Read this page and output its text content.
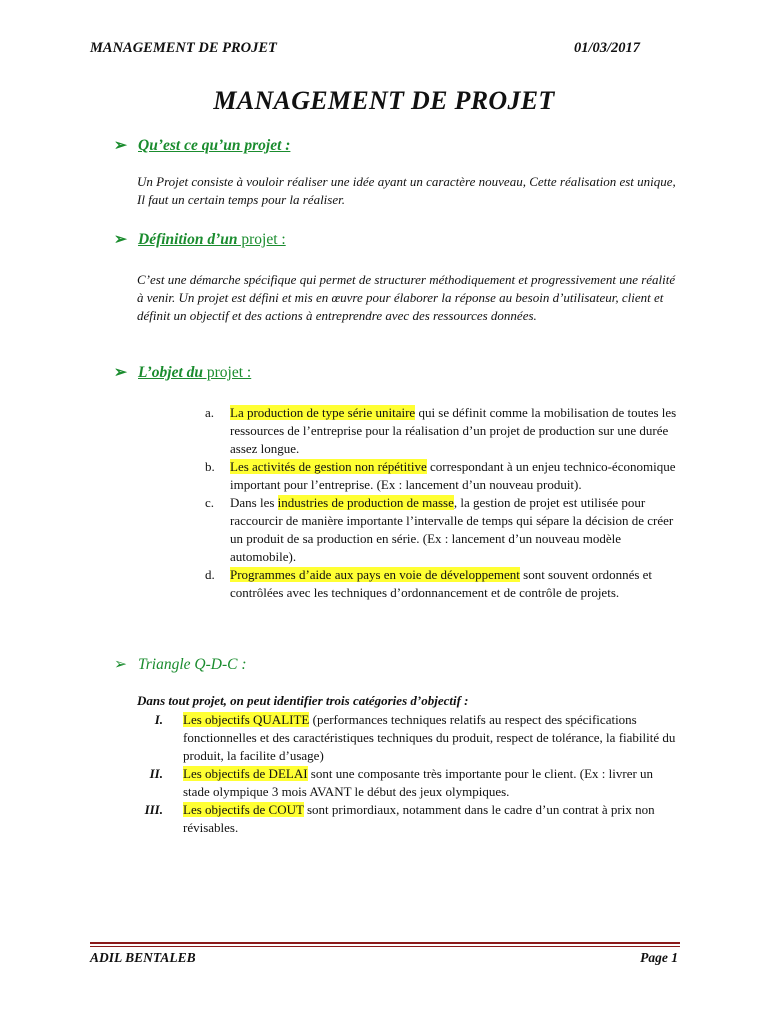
MANAGEMENT DE PROJET	01/03/2017
MANAGEMENT DE PROJET
➢ Qu’est ce qu’un projet :
Un Projet consiste à vouloir réaliser une idée ayant un caractère nouveau, Cette réalisation est unique, Il faut un certain temps pour la réaliser.
➢ Définition d’un projet :
C’est une démarche spécifique qui permet de structurer méthodiquement et progressivement une réalité à venir. Un projet est défini et mis en œuvre pour élaborer la réponse au besoin d’utilisateur, client et définit un objectif et des actions à entreprendre avec des ressources données.
➢ L’objet du projet :
a. La production de type série unitaire qui se définit comme la mobilisation de toutes les ressources de l’entreprise pour la réalisation d’un projet de production sur une durée assez longue.
b. Les activités de gestion non répétitive correspondant à un enjeu technico-économique important pour l’entreprise. (Ex : lancement d’un nouveau produit).
c. Dans les industries de production de masse, la gestion de projet est utilisée pour raccourcir de manière importante l’intervalle de temps qui sépare la décision de créer un produit de sa production en série. (Ex : lancement d’un nouveau modèle automobile).
d. Programmes d’aide aux pays en voie de développement sont souvent ordonnés et contrôlées avec les techniques d’ordonnancement et de contrôle de projets.
➢ Triangle Q-D-C :
Dans tout projet, on peut identifier trois catégories d’objectif :
I. Les objectifs QUALITE (performances techniques relatifs au respect des spécifications fonctionnelles et des caractéristiques techniques du produit, respect de tolérance, la fiabilité du produit, la facilite d’usage)
II. Les objectifs de DELAI sont une composante très importante pour le client. (Ex : livrer un stade olympique 3 mois AVANT le début des jeux olympiques.
III. Les objectifs de COUT sont primordiaux, notamment dans le cadre d’un contrat à prix non révisables.
ADIL BENTALEB	Page 1
